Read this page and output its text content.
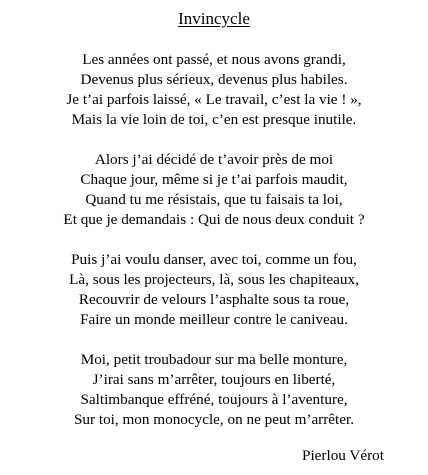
Invincycle
Les années ont passé, et nous avons grandi,
Devenus plus sérieux, devenus plus habiles.
Je t’ai parfois laissé, « Le travail, c’est la vie ! »,
Mais la vie loin de toi, c’en est presque inutile.
Alors j’ai décidé de t’avoir près de moi
Chaque jour, même si je t’ai parfois maudit,
Quand tu me résistais, que tu faisais ta loi,
Et que je demandais : Qui de nous deux conduit ?
Puis j’ai voulu danser, avec toi, comme un fou,
Là, sous les projecteurs, là, sous les chapiteaux,
Recouvrir de velours l’asphalte sous ta roue,
Faire un monde meilleur contre le caniveau.
Moi, petit troubadour sur ma belle monture,
J’irai sans m’arrêter, toujours en liberté,
Saltimbanque effréné, toujours à l’aventure,
Sur toi, mon monocycle, on ne peut m’arrêter.
Pierlou Vérot
